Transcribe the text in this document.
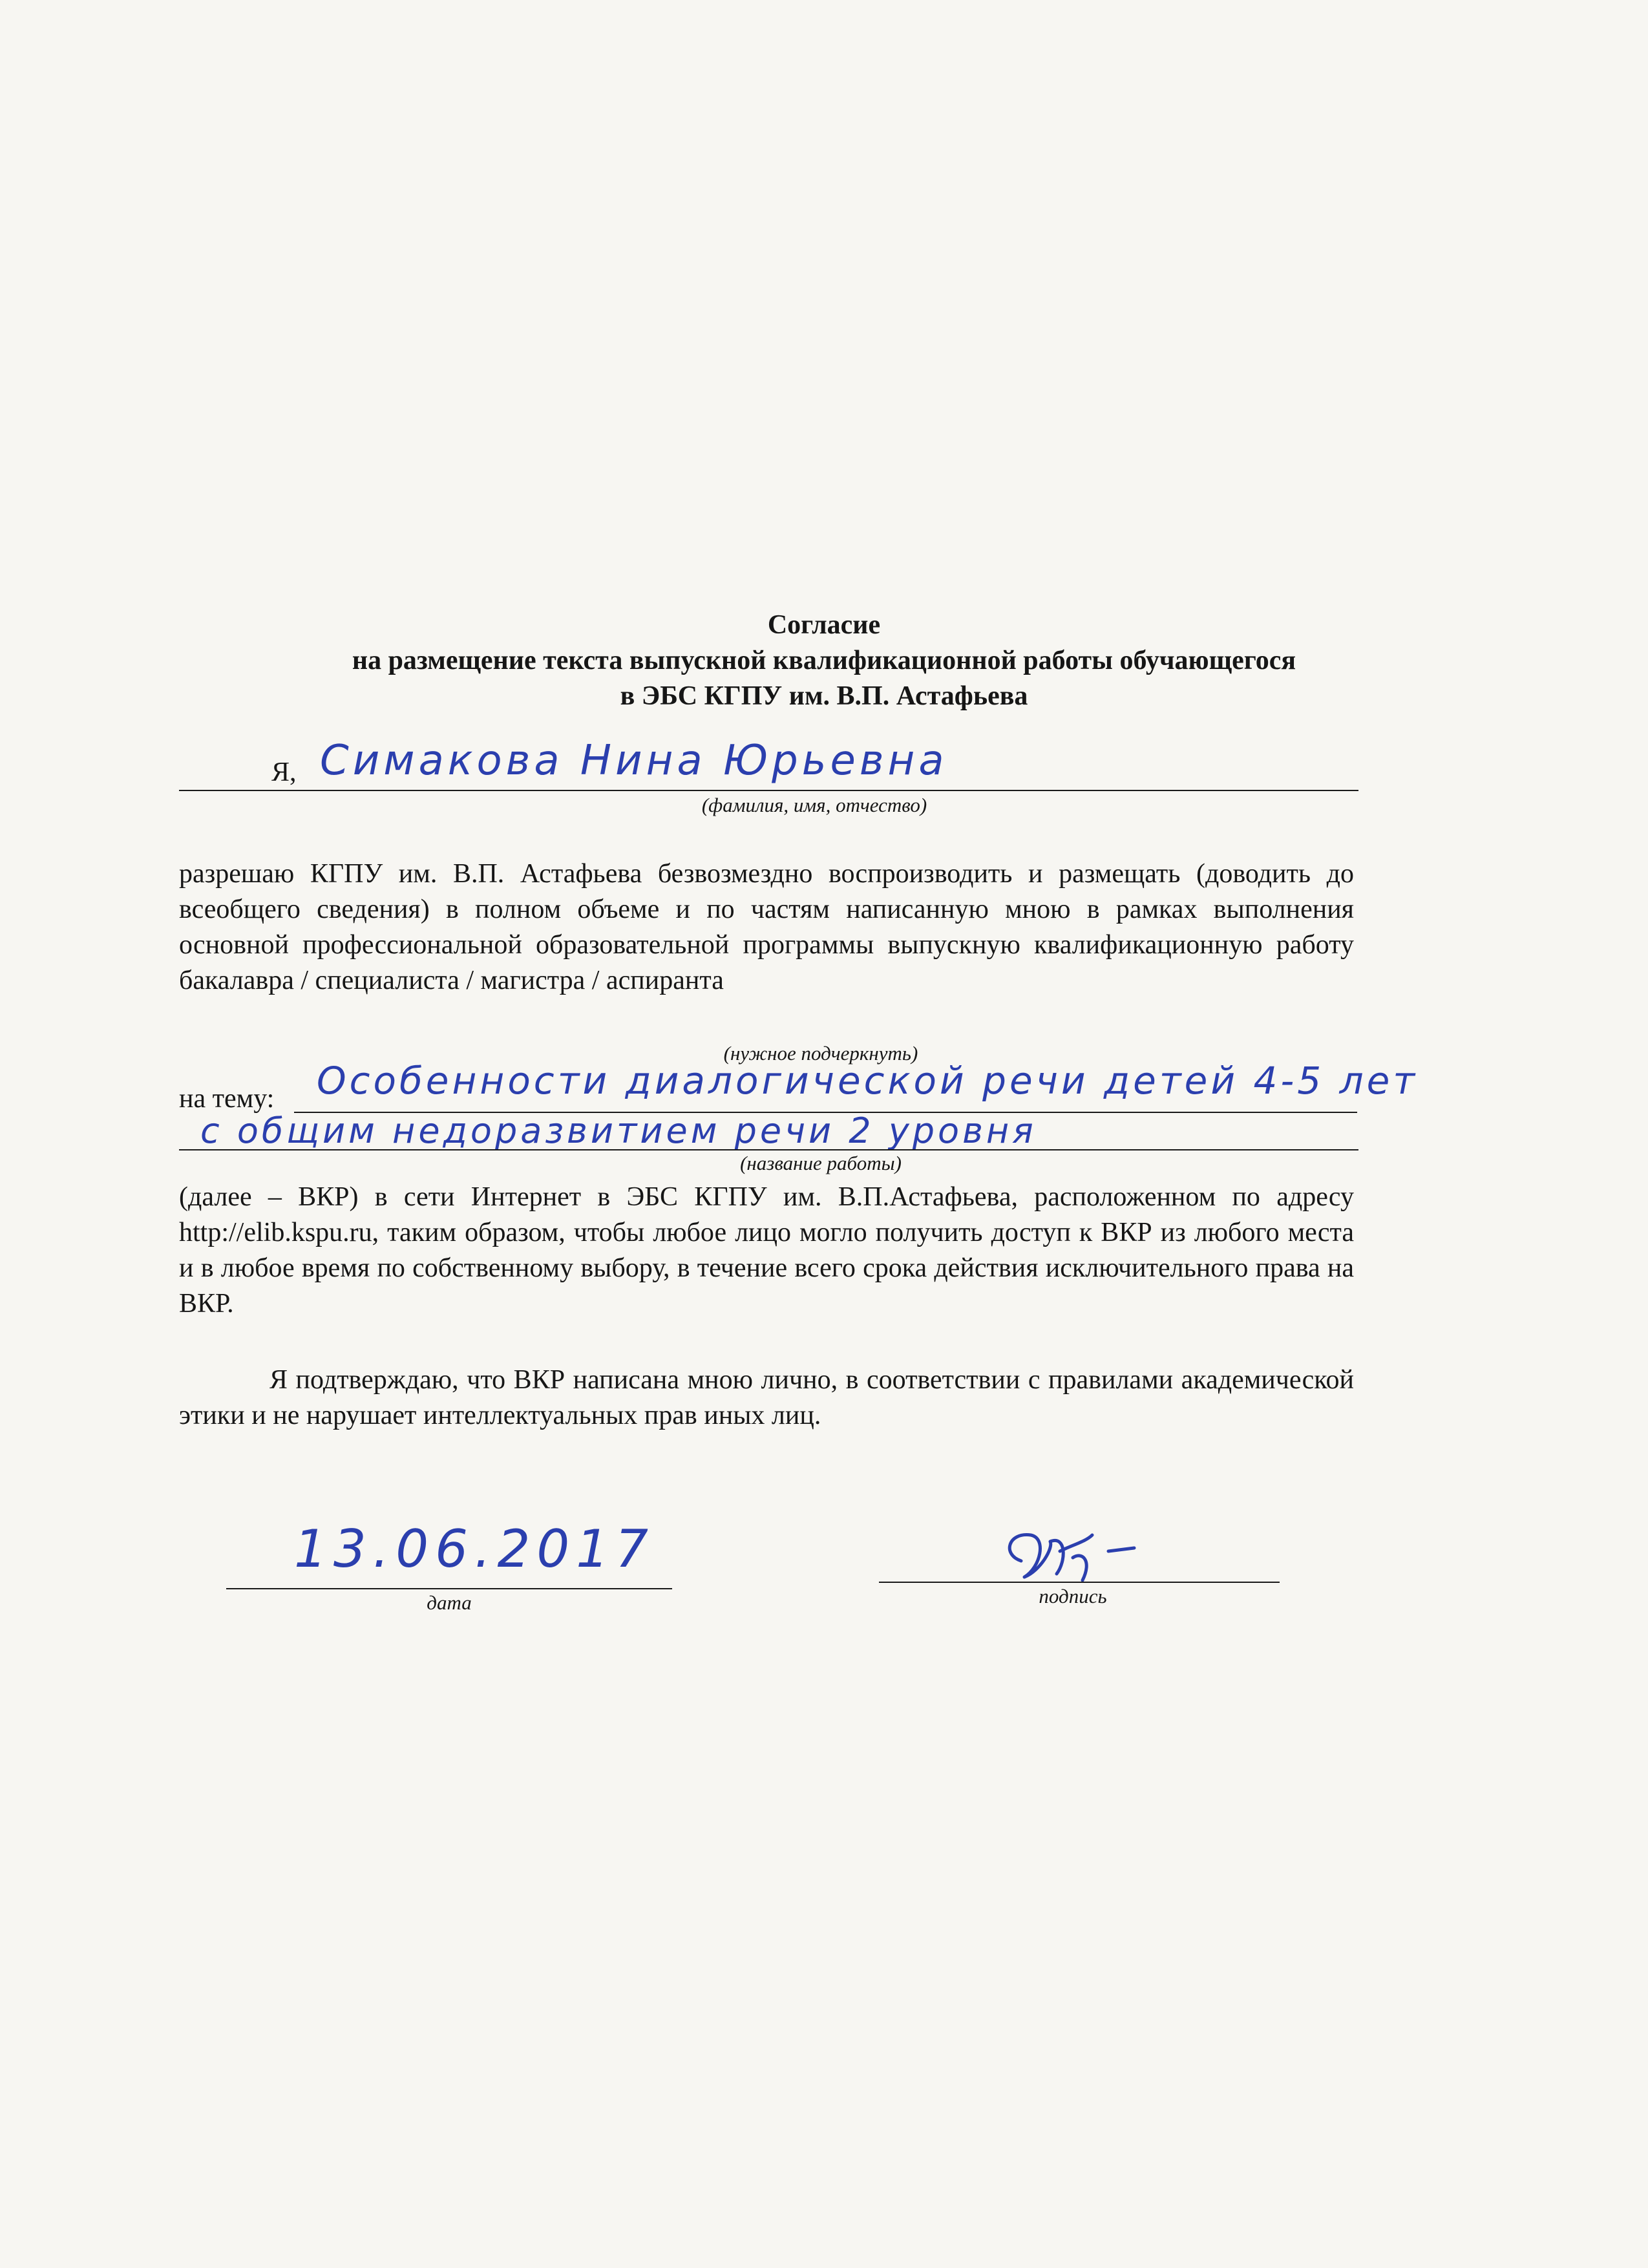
Согласие
на размещение текста выпускной квалификационной работы обучающегося
в ЭБС КГПУ им. В.П. Астафьева
Я, Симакова Нина Юрьевна
(фамилия, имя, отчество)
разрешаю КГПУ им. В.П. Астафьева безвозмездно воспроизводить и размещать (доводить до всеобщего сведения) в полном объеме и по частям написанную мною в рамках выполнения основной профессиональной образовательной программы выпускную квалификационную работу бакалавра / специалиста / магистра / аспиранта
(нужное подчеркнуть)
на тему: Особенности диалогической речи детей 4-5 лет
с общим недоразвитием речи 2 уровня
(название работы)
(далее – ВКР) в сети Интернет в ЭБС КГПУ им. В.П.Астафьева, расположенном по адресу http://elib.kspu.ru, таким образом, чтобы любое лицо могло получить доступ к ВКР из любого места и в любое время по собственному выбору, в течение всего срока действия исключительного права на ВКР.
Я подтверждаю, что ВКР написана мною лично, в соответствии с правилами академической этики и не нарушает интеллектуальных прав иных лиц.
13.06.2017
дата	подпись
